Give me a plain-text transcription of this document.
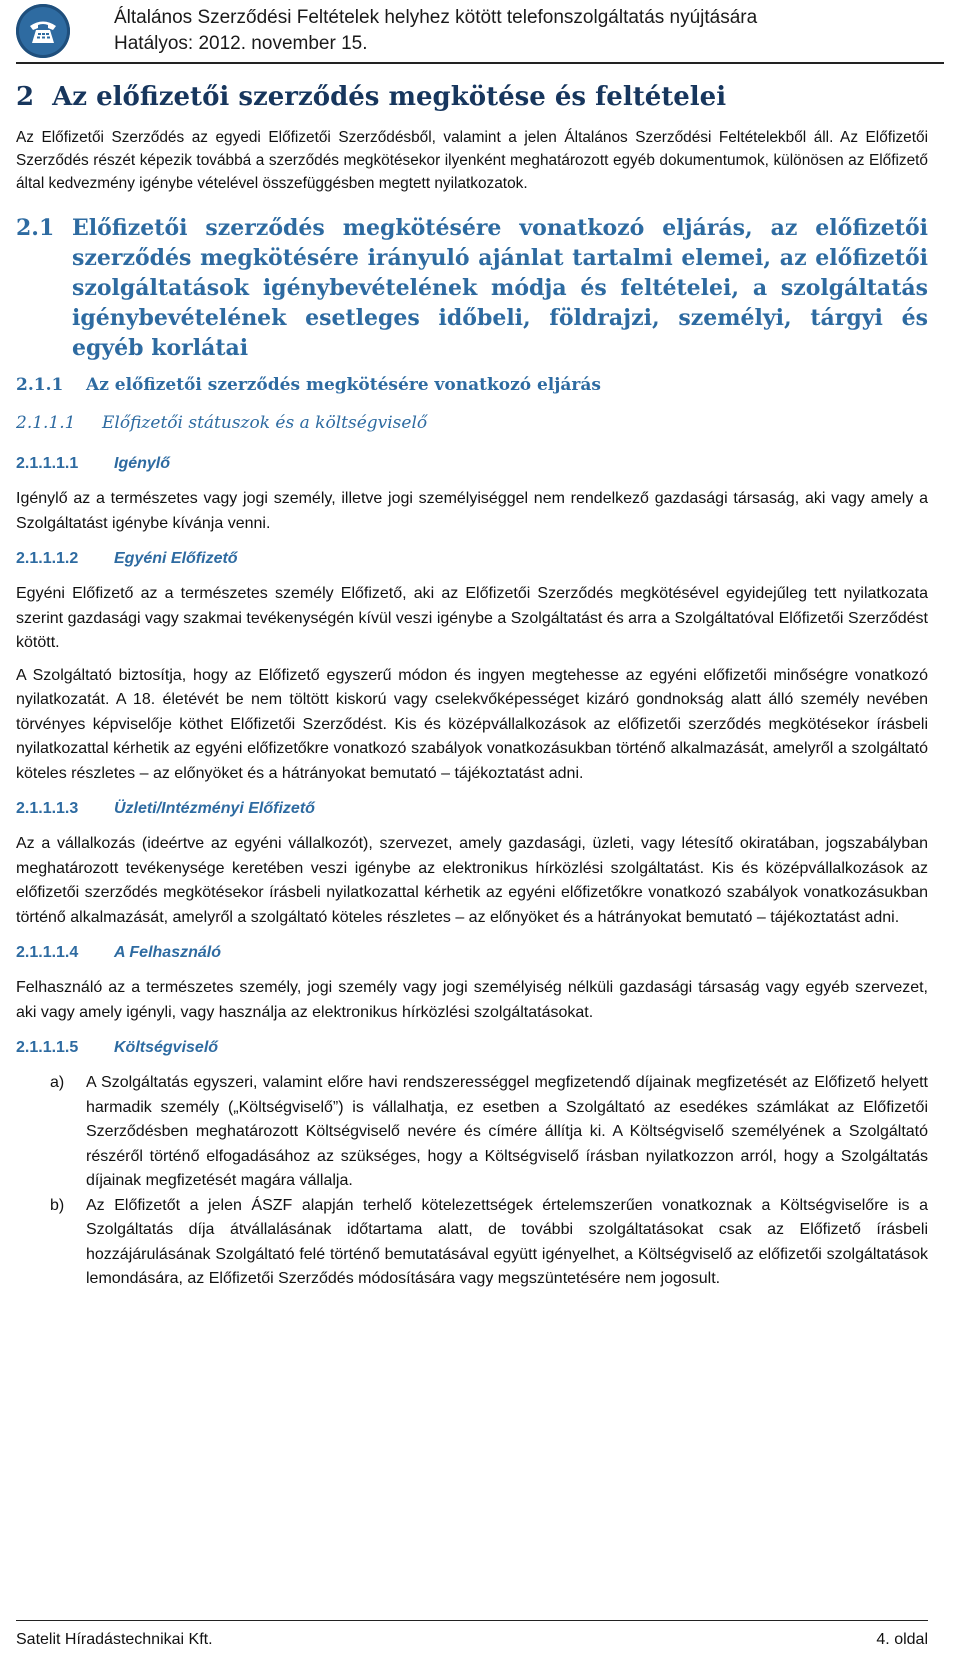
Általános Szerződési Feltételek helyhez kötött telefonszolgáltatás nyújtására
Hatályos: 2012. november 15.
2 Az előfizetői szerződés megkötése és feltételei

Az Előfizetői Szerződés az egyedi Előfizetői Szerződésből, valamint a jelen Általános Szerződési Feltételekből áll. Az Előfizetői Szerződés részét képezik továbbá a szerződés megkötésekor ilyenként meghatározott egyéb dokumentumok, különösen az Előfizető által kedvezmény igénybe vételével összefüggésben megtett nyilatkozatok.

2.1 Előfizetői szerződés megkötésére vonatkozó eljárás, az előfizetői szerződés megkötésére irányuló ajánlat tartalmi elemei, az előfizetői szolgáltatások igénybevételének módja és feltételei, a szolgáltatás igénybevételének esetleges időbeli, földrajzi, személyi, tárgyi és egyéb korlátai
2.1.1 Az előfizetői szerződés megkötésére vonatkozó eljárás
2.1.1.1 Előfizetői státuszok és a költségviselő
2.1.1.1.1 Igénylő

Igénylő az a természetes vagy jogi személy, illetve jogi személyiséggel nem rendelkező gazdasági társaság, aki vagy amely a Szolgáltatást igénybe kívánja venni.

2.1.1.1.2 Egyéni Előfizető

Egyéni Előfizető az a természetes személy Előfizető, aki az Előfizetői Szerződés megkötésével egyidejűleg tett nyilatkozata szerint gazdasági vagy szakmai tevékenységén kívül veszi igénybe a Szolgáltatást és arra a Szolgáltatóval Előfizetői Szerződést kötött.

A Szolgáltató biztosítja, hogy az Előfizető egyszerű módon és ingyen megtehesse az egyéni előfizetői minőségre vonatkozó nyilatkozatát. A 18. életévét be nem töltött kiskorú vagy cselekvőképességet kizáró gondnokság alatt álló személy nevében törvényes képviselője köthet Előfizetői Szerződést. Kis és középvállalkozások az előfizetői szerződés megkötésekor írásbeli nyilatkozattal kérhetik az egyéni előfizetőkre vonatkozó szabályok vonatkozásukban történő alkalmazását, amelyről a szolgáltató köteles részletes – az előnyöket és a hátrányokat bemutató – tájékoztatást adni.

2.1.1.1.3 Üzleti/Intézményi Előfizető

Az a vállalkozás (ideértve az egyéni vállalkozót), szervezet, amely gazdasági, üzleti, vagy létesítő okiratában, jogszabályban meghatározott tevékenysége keretében veszi igénybe az elektronikus hírközlési szolgáltatást. Kis és középvállalkozások az előfizetői szerződés megkötésekor írásbeli nyilatkozattal kérhetik az egyéni előfizetőkre vonatkozó szabályok vonatkozásukban történő alkalmazását, amelyről a szolgáltató köteles részletes – az előnyöket és a hátrányokat bemutató – tájékoztatást adni.

2.1.1.1.4 A Felhasználó

Felhasználó az a természetes személy, jogi személy vagy jogi személyiség nélküli gazdasági társaság vagy egyéb szervezet, aki vagy amely igényli, vagy használja az elektronikus hírközlési szolgáltatásokat.

2.1.1.1.5 Költségviselő
a) A Szolgáltatás egyszeri, valamint előre havi rendszerességgel megfizetendő díjainak megfizetését az Előfizető helyett harmadik személy („Költségviselő”) is vállalhatja, ez esetben a Szolgáltató az esedékes számlákat az Előfizetői Szerződésben meghatározott Költségviselő nevére és címére állítja ki. A Költségviselő személyének a Szolgáltató részéről történő elfogadásához az szükséges, hogy a Költségviselő írásban nyilatkozzon arról, hogy a Szolgáltatás díjainak megfizetését magára vállalja.
b) Az Előfizetőt a jelen ÁSZF alapján terhelő kötelezettségek értelemszerűen vonatkoznak a Költségviselőre is a Szolgáltatás díja átvállalásának időtartama alatt, de további szolgáltatásokat csak az Előfizető írásbeli hozzájárulásának Szolgáltató felé történő bemutatásával együtt igényelhet, a Költségviselő az előfizetői szolgáltatások lemondására, az Előfizetői Szerződés módosítására vagy megszüntetésére nem jogosult.
Satelit Híradástechnikai Kft.	4. oldal
